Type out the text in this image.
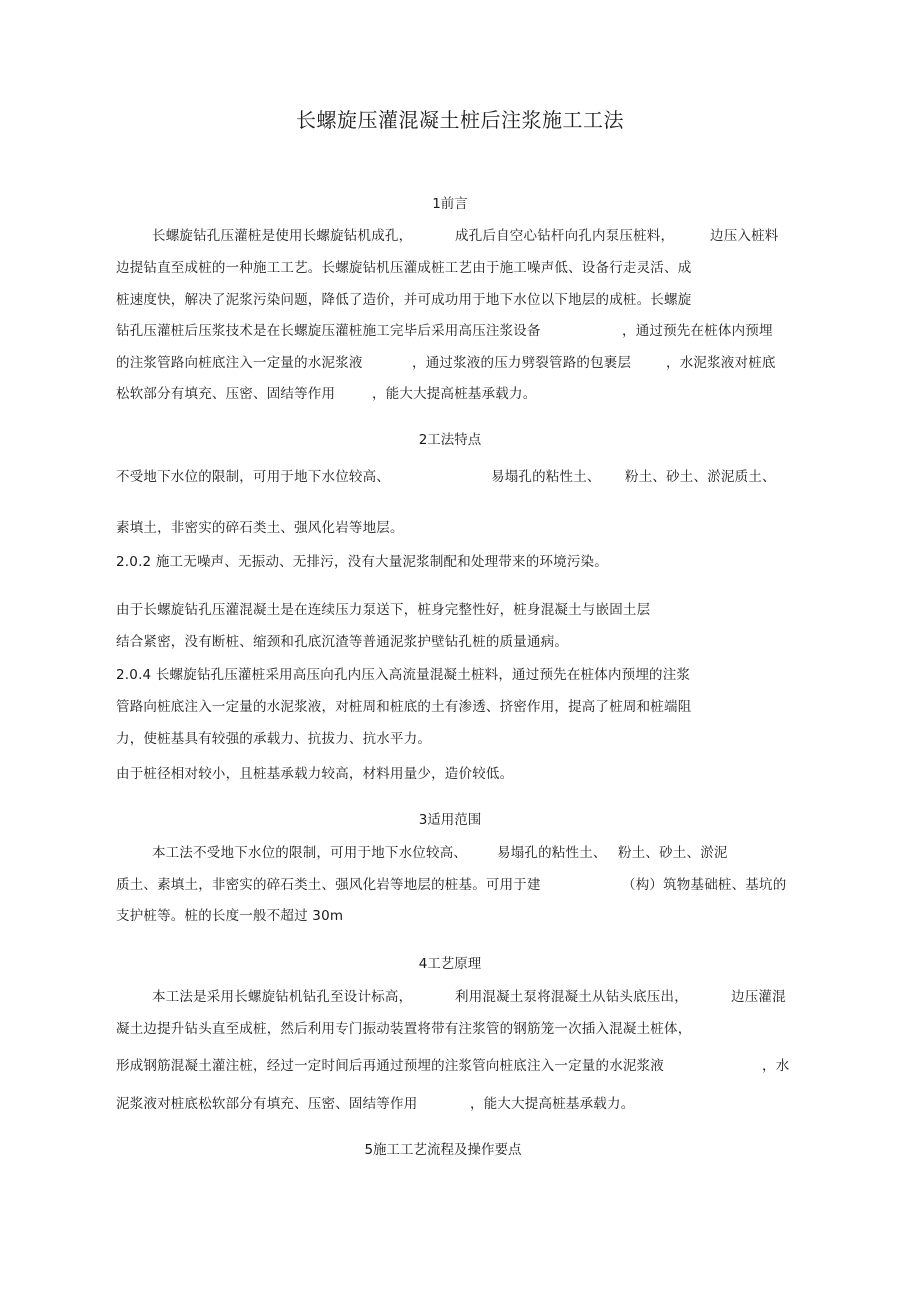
长螺旋压灌混凝土桩后注浆施工工法
1前言
长螺旋钻孔压灌桩是使用长螺旋钻机成孔，	成孔后自空心钻杆向孔内泵压桩料，	边压入桩料
边提钻直至成桩的一种施工工艺。长螺旋钻机压灌成桩工艺由于施工噪声低、设备行走灵活、成
桩速度快，解决了泥浆污染问题，降低了造价，并可成功用于地下水位以下地层的成桩。长螺旋
钻孔压灌桩后压浆技术是在长螺旋压灌桩施工完毕后采用高压注浆设备	，通过预先在桩体内预埋
的注浆管路向桩底注入一定量的水泥浆液	，通过浆液的压力劈裂管路的包裹层	，水泥浆液对桩底
松软部分有填充、压密、固结等作用	，能大大提高桩基承载力。
2工法特点
不受地下水位的限制，可用于地下水位较高、	易塌孔的粘性土、 粉土、砂土、淤泥质土、
素填土，非密实的碎石类土、强风化岩等地层。
2.0.2 施工无噪声、无振动、无排污，没有大量泥浆制配和处理带来的环境污染。
由于长螺旋钻孔压灌混凝土是在连续压力泵送下，桩身完整性好，桩身混凝土与嵌固土层
结合紧密，没有断桩、缩颈和孔底沉渣等普通泥浆护壁钻孔桩的质量通病。
2.0.4 长螺旋钻孔压灌桩采用高压向孔内压入高流量混凝土桩料，通过预先在桩体内预埋的注浆
管路向桩底注入一定量的水泥浆液，对桩周和桩底的土有渗透、挤密作用，提高了桩周和桩端阻
力，使桩基具有较强的承载力、抗拔力、抗水平力。
由于桩径相对较小，且桩基承载力较高，材料用量少，造价较低。
3适用范围
本工法不受地下水位的限制，可用于地下水位较高、 易塌孔的粘性土、 粉土、砂土、淤泥
质土、素填土，非密实的碎石类土、强风化岩等地层的桩基。可用于建	（构）筑物基础桩、基坑的
支护桩等。桩的长度一般不超过 30m
4工艺原理
本工法是采用长螺旋钻机钻孔至设计标高，	利用混凝土泵将混凝土从钻头底压出，	边压灌混
凝土边提升钻头直至成桩，然后利用专门振动装置将带有注浆管的钢筋笼一次插入混凝土桩体，
形成钢筋混凝土灌注桩，经过一定时间后再通过预埋的注浆管向桩底注入一定量的水泥浆液	，水
泥浆液对桩底松软部分有填充、压密、固结等作用	，能大大提高桩基承载力。
5施工工艺流程及操作要点
